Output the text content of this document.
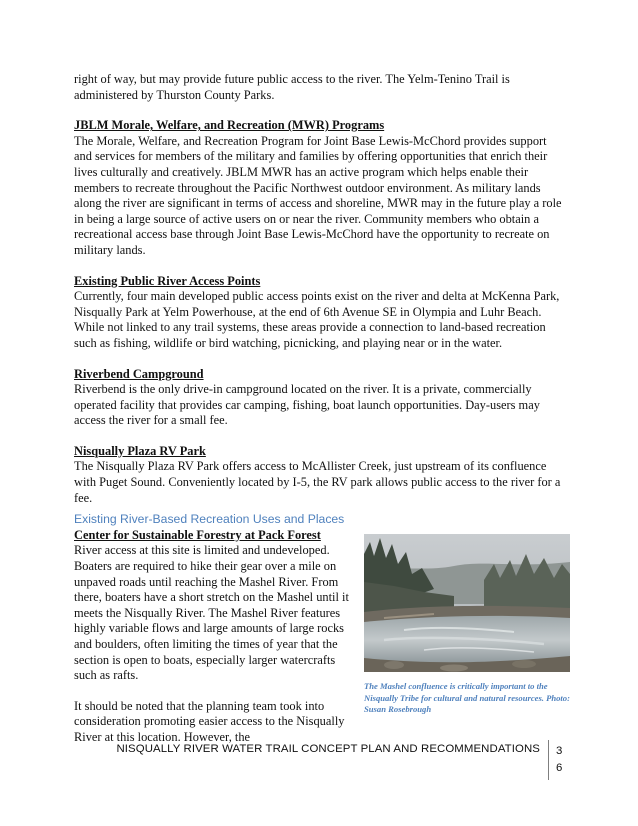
right of way, but may provide future public access to the river. The Yelm-Tenino Trail is administered by Thurston County Parks.

JBLM Morale, Welfare, and Recreation (MWR) Programs

The Morale, Welfare, and Recreation Program for Joint Base Lewis-McChord provides support and services for members of the military and families by offering opportunities that enrich their lives culturally and creatively. JBLM MWR has an active program which helps enable their members to recreate throughout the Pacific Northwest outdoor environment. As military lands along the river are significant in terms of access and shoreline, MWR may in the future play a role in being a large source of active users on or near the river. Community members who obtain a recreational access base through Joint Base Lewis-McChord have the opportunity to recreate on military lands.

Existing Public River Access Points

Currently, four main developed public access points exist on the river and delta at McKenna Park, Nisqually Park at Yelm Powerhouse, at the end of 6th Avenue SE in Olympia and Luhr Beach. While not linked to any trail systems, these areas provide a connection to land-based recreation such as fishing, wildlife or bird watching, picnicking, and playing near or in the water.

Riverbend Campground

Riverbend is the only drive-in campground located on the river. It is a private, commercially operated facility that provides car camping, fishing, boat launch opportunities. Day-users may access the river for a small fee.

Nisqually Plaza RV Park

The Nisqually Plaza RV Park offers access to McAllister Creek, just upstream of its confluence with Puget Sound. Conveniently located by I-5, the RV park allows public access to the river for a fee.

Existing River-Based Recreation Uses and Places

Center for Sustainable Forestry at Pack Forest

River access at this site is limited and undeveloped. Boaters are required to hike their gear over a mile on unpaved roads until reaching the Mashel River. From there, boaters have a short stretch on the Mashel until it meets the Nisqually River. The Mashel River features highly variable flows and large amounts of large rocks and boulders, often limiting the times of year that the section is open to boats, especially larger watercrafts such as rafts.

It should be noted that the planning team took into consideration promoting easier access to the Nisqually River at this location. However, the

The Mashel confluence is critically important to the Nisqually Tribe for cultural and natural resources. Photo: Susan Rosebrough
NISQUALLY RIVER WATER TRAIL CONCEPT PLAN AND RECOMMENDATIONS 36
